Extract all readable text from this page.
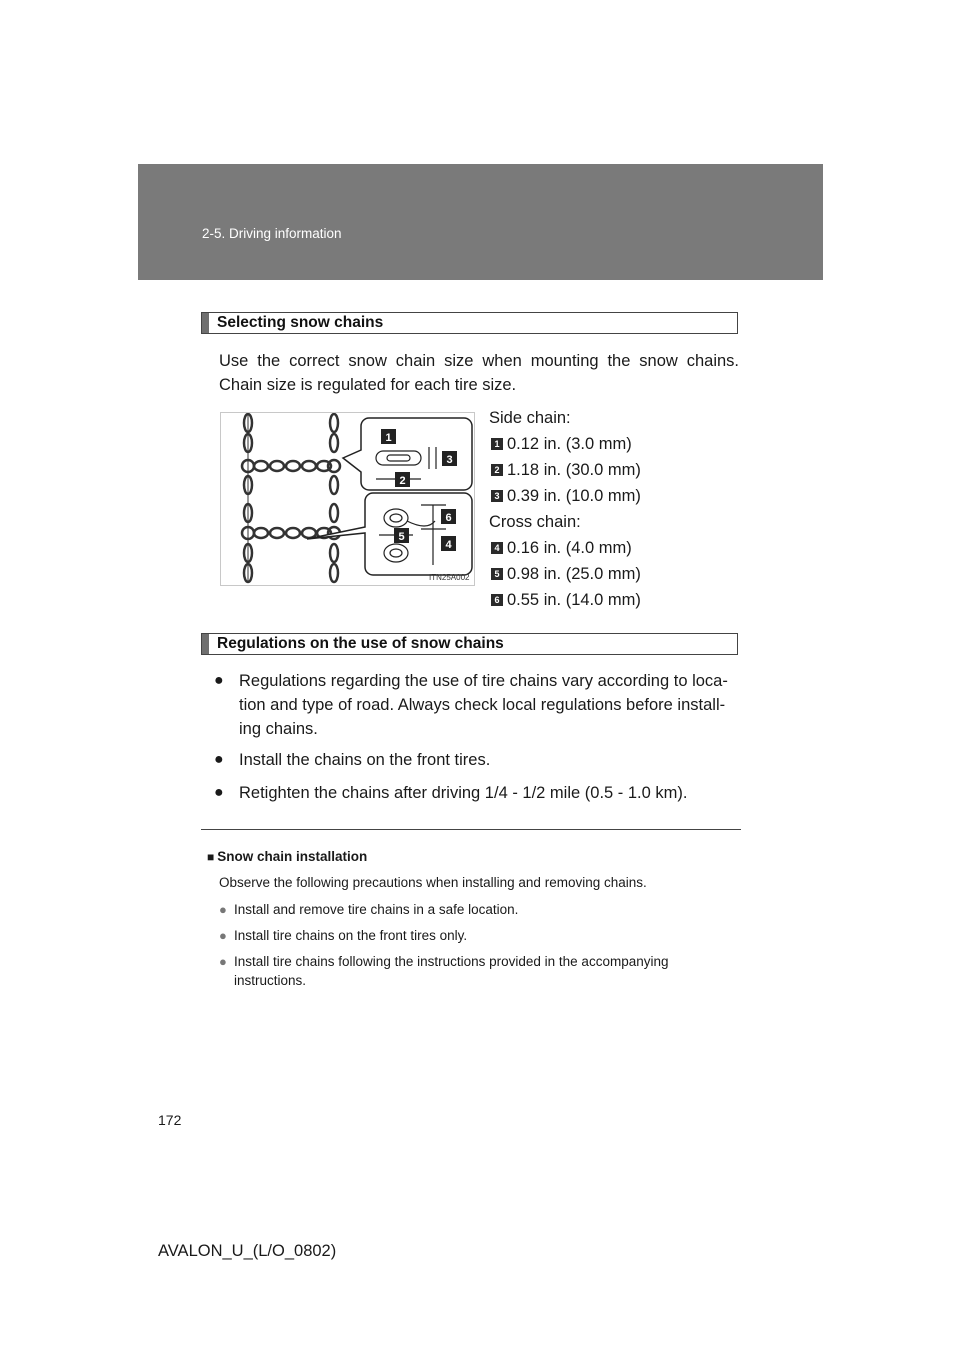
2-5. Driving information
Selecting snow chains
Use the correct snow chain size when mounting the snow chains. Chain size is regulated for each tire size.
1
2
3
4
5
6
ITN25A002
Side chain:
1 0.12 in. (3.0 mm)
2 1.18 in. (30.0 mm)
3 0.39 in. (10.0 mm)
Cross chain:
4 0.16 in. (4.0 mm)
5 0.98 in. (25.0 mm)
6 0.55 in. (14.0 mm)
Regulations on the use of snow chains
● Regulations regarding the use of tire chains vary according to loca-tion and type of road. Always check local regulations before install-ing chains.
● Install the chains on the front tires.
● Retighten the chains after driving 1/4 - 1/2 mile (0.5 - 1.0 km).
■ Snow chain installation
Observe the following precautions when installing and removing chains.
● Install and remove tire chains in a safe location.
● Install tire chains on the front tires only.
● Install tire chains following the instructions provided in the accompanying instructions.
172
AVALON_U_(L/O_0802)
